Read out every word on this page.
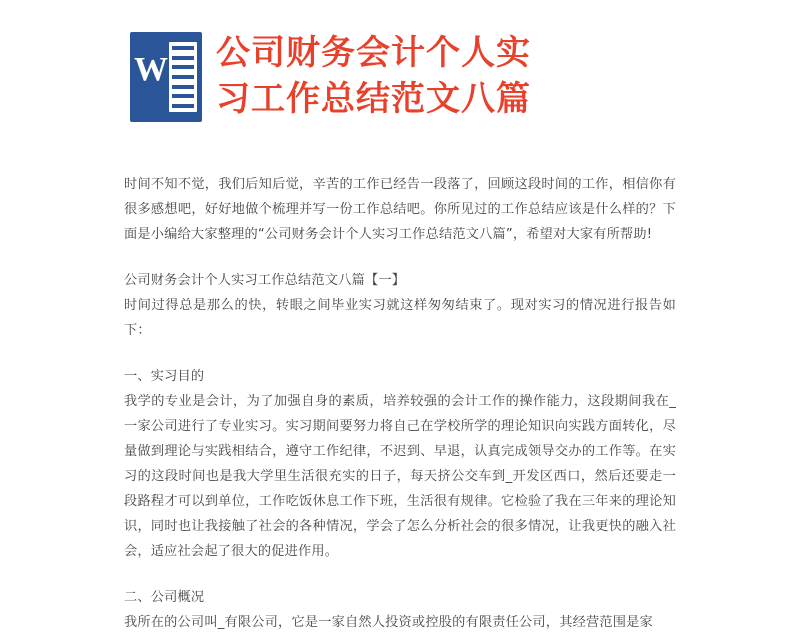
W 公司财务会计个人实
习工作总结范文八篇

时间不知不觉，我们后知后觉，辛苦的工作已经告一段落了，回顾这段时间的工作，相信你有很多感想吧，好好地做个梳理并写一份工作总结吧。你所见过的工作总结应该是什么样的？下面是小编给大家整理的“公司财务会计个人实习工作总结范文八篇”，希望对大家有所帮助!

公司财务会计个人实习工作总结范文八篇【一】

时间过得总是那么的快，转眼之间毕业实习就这样匆匆结束了。现对实习的情况进行报告如下：

一、实习目的

我学的专业是会计，为了加强自身的素质，培养较强的会计工作的操作能力，这段期间我在_一家公司进行了专业实习。实习期间要努力将自己在学校所学的理论知识向实践方面转化，尽量做到理论与实践相结合，遵守工作纪律，不迟到、早退，认真完成领导交办的工作等。在实习的这段时间也是我大学里生活很充实的日子，每天挤公交车到_开发区西口，然后还要走一段路程才可以到单位，工作吃饭休息工作下班，生活很有规律。它检验了我在三年来的理论知识，同时也让我接触了社会的各种情况，学会了怎么分析社会的很多情况，让我更快的融入社会，适应社会起了很大的促进作用。

二、公司概况

我所在的公司叫_有限公司，它是一家自然人投资或控股的有限责任公司，其经营范围是家
